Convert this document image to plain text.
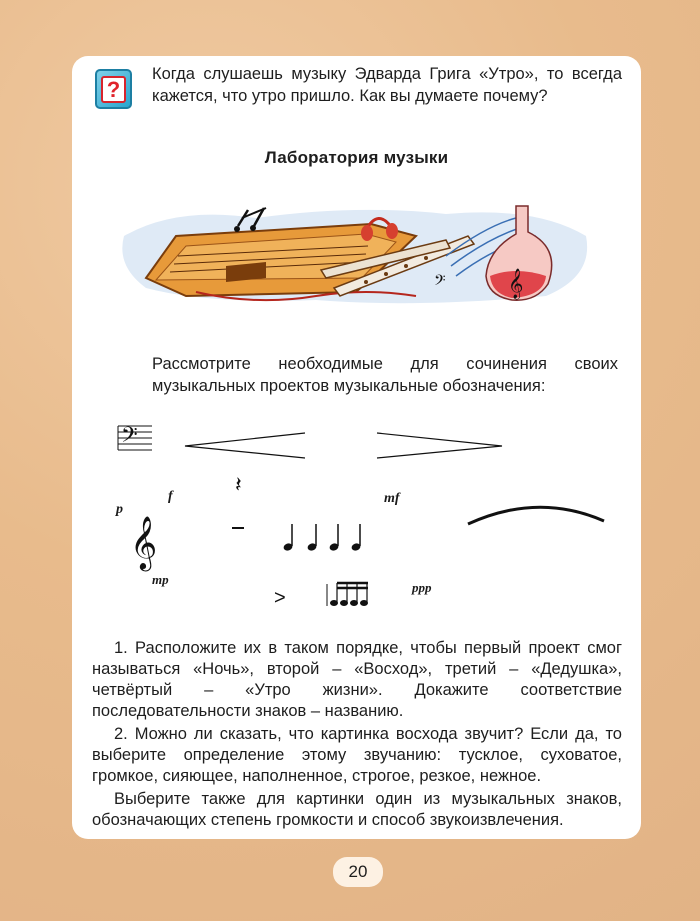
?

Когда слушаешь музыку Эдварда Грига «Утро», то всегда кажется, что утро пришло. Как вы думаете почему?

Лаборатория музыки
𝄢 𝄞

Рассмотрите необходимые для сочинения своих музыкальных проектов музыкальные обозначения:

𝄢
p
f	𝄽
mf
𝄞
mp
>	ppp

1. Расположите их в таком порядке, чтобы первый проект смог называться «Ночь», второй – «Восход», третий – «Дедушка», четвёртый – «Утро жизни». Докажите соответствие последовательности знаков – названию.

2. Можно ли сказать, что картинка восхода звучит? Если да, то выберите определение этому звучанию: тусклое, суховатое, громкое, сияющее, наполненное, строгое, резкое, нежное.

Выберите также для картинки один из музыкальных знаков, обозначающих степень громкости и способ звукоизвлечения.

20
